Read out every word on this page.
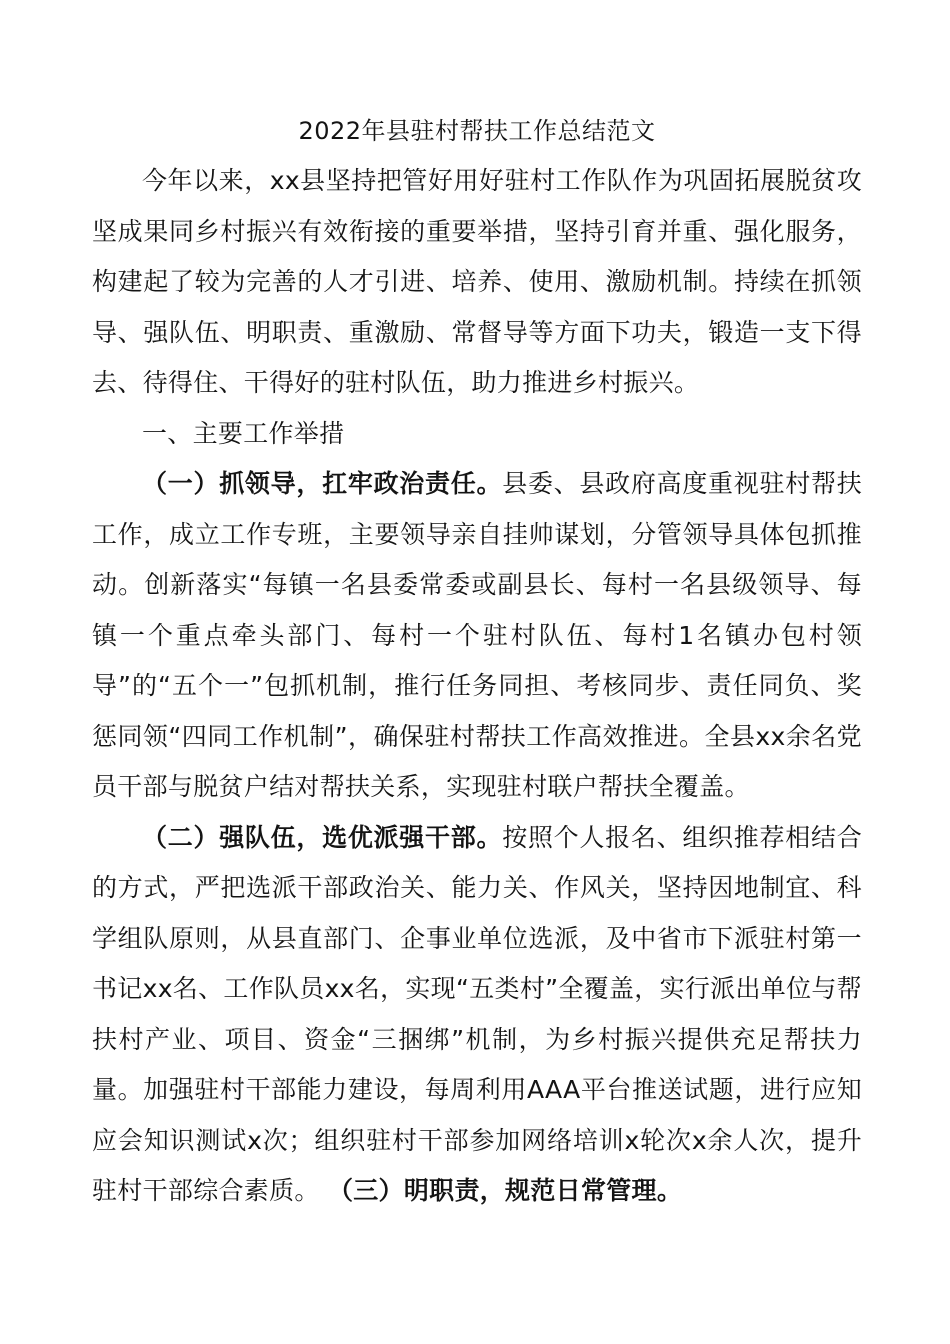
2022年县驻村帮扶工作总结范文

今年以来，xx县坚持把管好用好驻村工作队作为巩固拓展脱贫攻坚成果同乡村振兴有效衔接的重要举措，坚持引育并重、强化服务，构建起了较为完善的人才引进、培养、使用、激励机制。持续在抓领导、强队伍、明职责、重激励、常督导等方面下功夫，锻造一支下得去、待得住、干得好的驻村队伍，助力推进乡村振兴。

一、主要工作举措

（一）抓领导，扛牢政治责任。县委、县政府高度重视驻村帮扶工作，成立工作专班，主要领导亲自挂帅谋划，分管领导具体包抓推动。创新落实“每镇一名县委常委或副县长、每村一名县级领导、每镇一个重点牵头部门、每村一个驻村队伍、每村1名镇办包村领导”的“五个一”包抓机制，推行任务同担、考核同步、责任同负、奖惩同领“四同工作机制”，确保驻村帮扶工作高效推进。全县xx余名党员干部与脱贫户结对帮扶关系，实现驻村联户帮扶全覆盖。

（二）强队伍，选优派强干部。按照个人报名、组织推荐相结合的方式，严把选派干部政治关、能力关、作风关，坚持因地制宜、科学组队原则，从县直部门、企事业单位选派，及中省市下派驻村第一书记xx名、工作队员xx名，实现“五类村”全覆盖，实行派出单位与帮扶村产业、项目、资金“三捆绑”机制，为乡村振兴提供充足帮扶力量。加强驻村干部能力建设，每周利用AAA平台推送试题，进行应知应会知识测试x次；组织驻村干部参加网络培训x轮次x余人次，提升驻村干部综合素质。 （三）明职责，规范日常管理。
